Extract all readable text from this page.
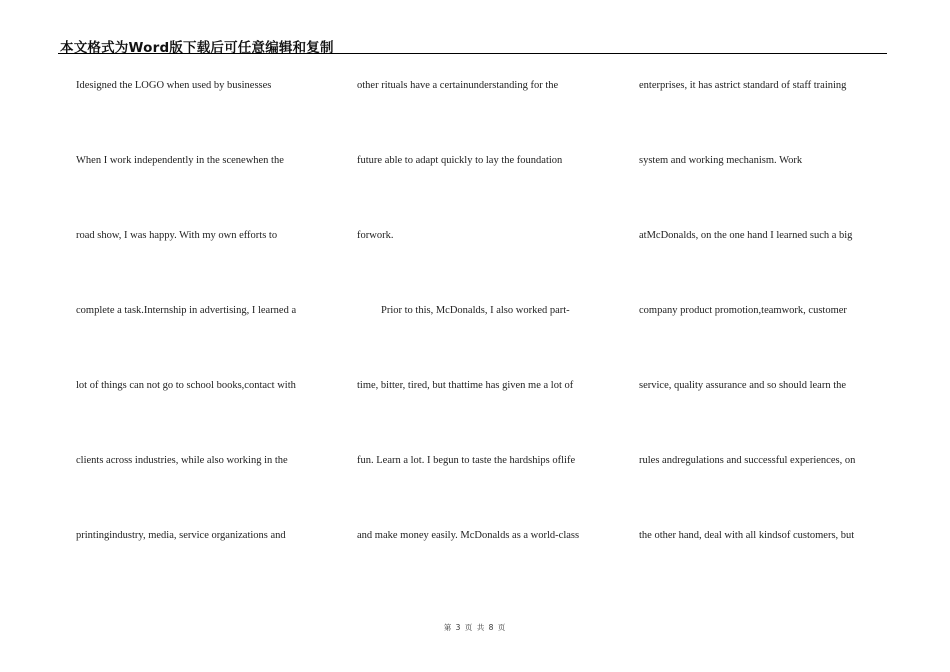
本文格式为Word版下载后可任意编辑和复制
Idesigned the LOGO when used by businesses
When I work independently in the scenewhen the
road show, I was happy. With my own efforts to
complete a task.Internship in advertising, I learned a
lot of things can not go to school books,contact with
clients across industries, while also working in the
printingindustry, media, service organizations and
other rituals have a certainunderstanding for the
future able to adapt quickly to lay the foundation
forwork.
Prior to this, McDonalds, I also worked part-
time, bitter, tired, but thattime has given me a lot of
fun. Learn a lot. I begun to taste the hardships oflife
and make money easily. McDonalds as a world-class
enterprises, it has astrict standard of staff training
system and working mechanism. Work
atMcDonalds, on the one hand I learned such a big
company product promotion,teamwork, customer
service, quality assurance and so should learn the
rules andregulations and successful experiences, on
the other hand, deal with all kindsof customers, but
第 3 页 共 8 页
